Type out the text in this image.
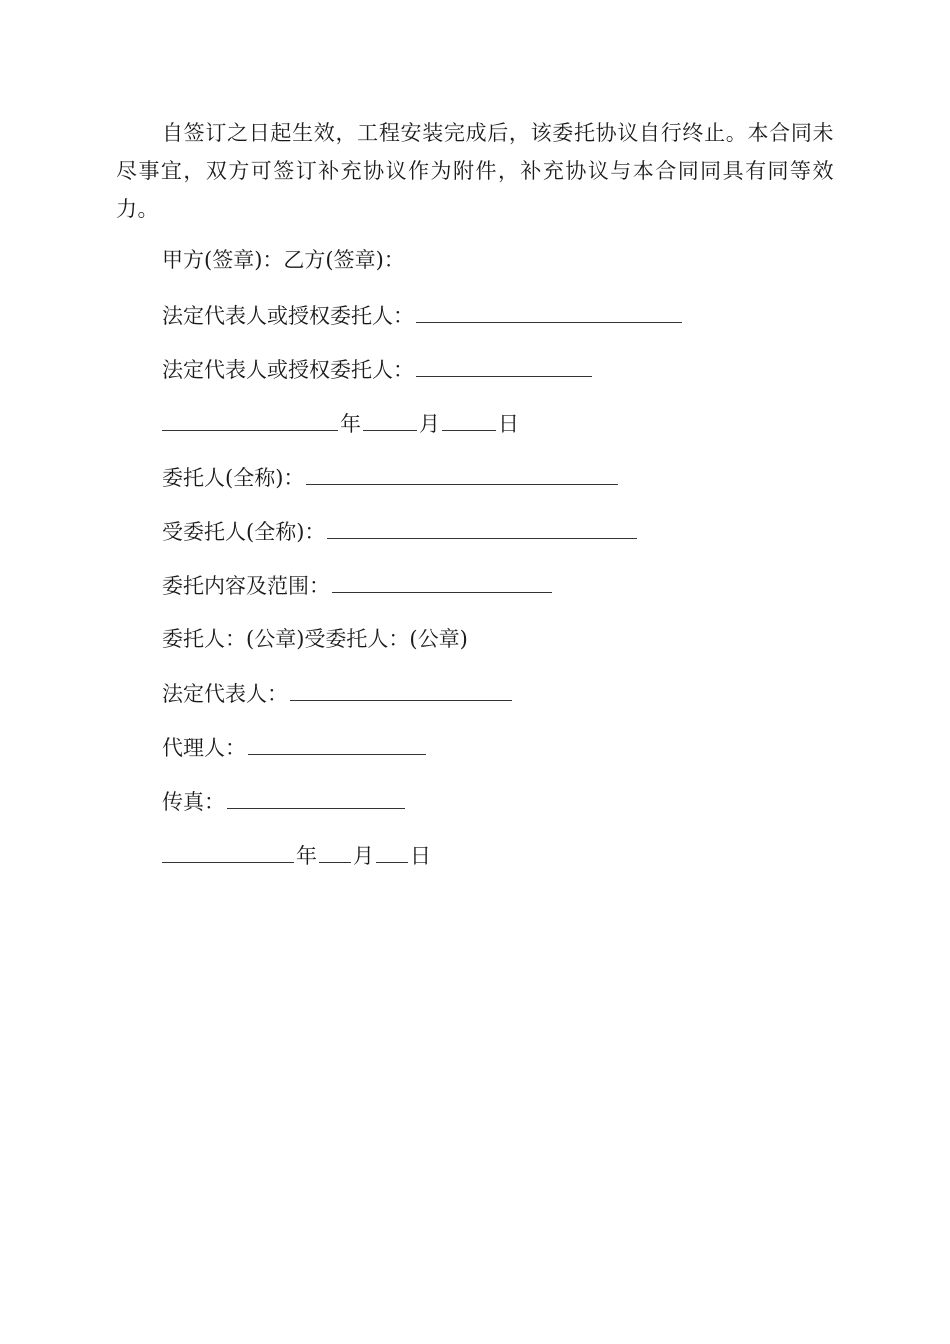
自签订之日起生效，工程安装完成后，该委托协议自行终止。本合同未尽事宜，双方可签订补充协议作为附件，补充协议与本合同同具有同等效力。

甲方(签章)：乙方(签章)：
法定代表人或授权委托人：
法定代表人或授权委托人：
年	月	日
委托人(全称)：
受委托人(全称)：
委托内容及范围：
委托人：(公章)受委托人：(公章)
法定代表人：
代理人：
传真：
年 月 日
